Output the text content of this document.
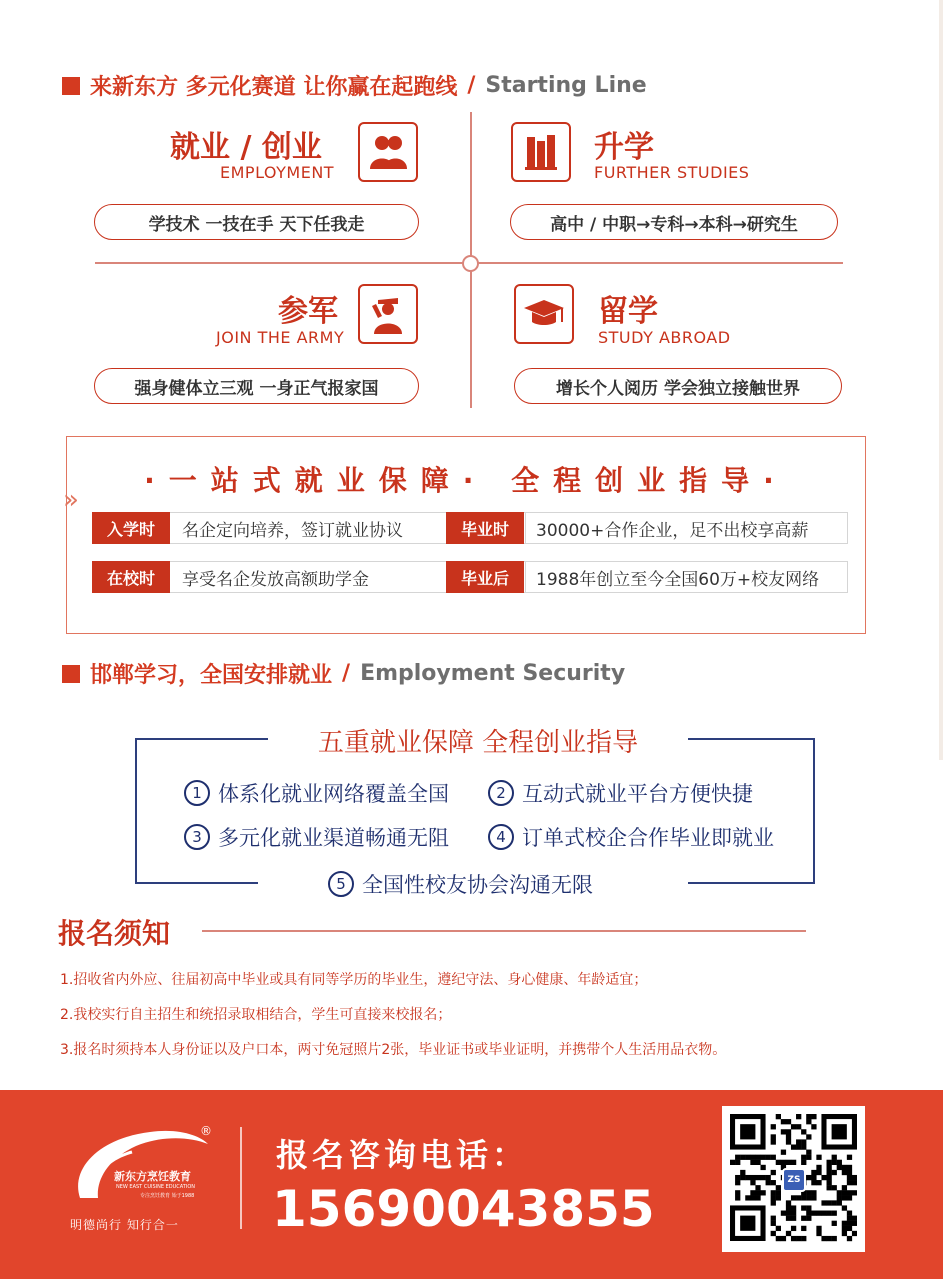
来新东方 多元化赛道 让你赢在起跑线 / Starting Line
就业 / 创业
EMPLOYMENT
学技术 一技在手 天下任我走
升学
FURTHER STUDIES
高中 / 中职→专科→本科→研究生
参军
JOIN THE ARMY
强身健体立三观 一身正气报家国
留学
STUDY ABROAD
增长个人阅历 学会独立接触世界
»
·一站式就业保障· 全程创业指导·
入学时	名企定向培养，签订就业协议	毕业时	30000+合作企业，足不出校享高薪
在校时	享受名企发放高额助学金	毕业后	1988年创立至今全国60万+校友网络
邯郸学习，全国安排就业 / Employment Security
五重就业保障 全程创业指导
1 体系化就业网络覆盖全国	2 互动式就业平台方便快捷
3 多元化就业渠道畅通无阻	4 订单式校企合作毕业即就业
5 全国性校友协会沟通无限
报名须知
1.招收省内外应、往届初高中毕业或具有同等学历的毕业生，遵纪守法、身心健康、年龄适宜；
2.我校实行自主招生和统招录取相结合，学生可直接来校报名；
3.报名时须持本人身份证以及户口本，两寸免冠照片2张，毕业证书或毕业证明，并携带个人生活用品衣物。
®
新东方烹饪教育
NEW EAST CUISINE EDUCATION
专注烹饪教育 始于1988
明德尚行 知行合一
报名咨询电话：
15690043855	ZS
